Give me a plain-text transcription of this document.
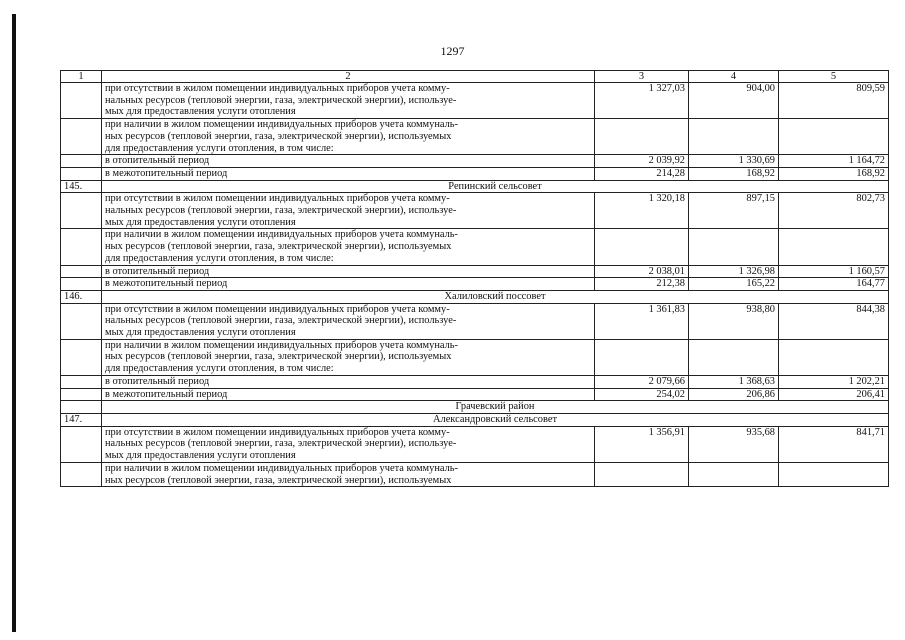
1297
1	2	3	4	5

	при отсутствии в жилом помещении индивидуальных приборов учета комму-
нальных ресурсов (тепловой энергии, газа, электрической энергии), используе-
мых для предоставления услуги отопления	1 327,03	904,00	809,59

	при наличии в жилом помещении индивидуальных приборов учета коммуналь-
ных ресурсов (тепловой энергии, газа, электрической энергии), используемых
для предоставления услуги отопления, в том числе:			

	в отопительный период	2 039,92	1 330,69	1 164,72

	в межотопительный период	214,28	168,92	168,92
145.	Репинский сельсовет			

	при отсутствии в жилом помещении индивидуальных приборов учета комму-
нальных ресурсов (тепловой энергии, газа, электрической энергии), используе-
мых для предоставления услуги отопления	1 320,18	897,15	802,73

	при наличии в жилом помещении индивидуальных приборов учета коммуналь-
ных ресурсов (тепловой энергии, газа, электрической энергии), используемых
для предоставления услуги отопления, в том числе:			

	в отопительный период	2 038,01	1 326,98	1 160,57

	в межотопительный период	212,38	165,22	164,77
146.	Халиловский поссовет			

	при отсутствии в жилом помещении индивидуальных приборов учета комму-
нальных ресурсов (тепловой энергии, газа, электрической энергии), используе-
мых для предоставления услуги отопления	1 361,83	938,80	844,38

	при наличии в жилом помещении индивидуальных приборов учета коммуналь-
ных ресурсов (тепловой энергии, газа, электрической энергии), используемых
для предоставления услуги отопления, в том числе:			

	в отопительный период	2 079,66	1 368,63	1 202,21

	в межотопительный период	254,02	206,86	206,41
	Грачевский район			
147.	Александровский сельсовет			

	при отсутствии в жилом помещении индивидуальных приборов учета комму-
нальных ресурсов (тепловой энергии, газа, электрической энергии), используе-
мых для предоставления услуги отопления	1 356,91	935,68	841,71

	при наличии в жилом помещении индивидуальных приборов учета коммуналь-
ных ресурсов (тепловой энергии, газа, электрической энергии), используемых			
